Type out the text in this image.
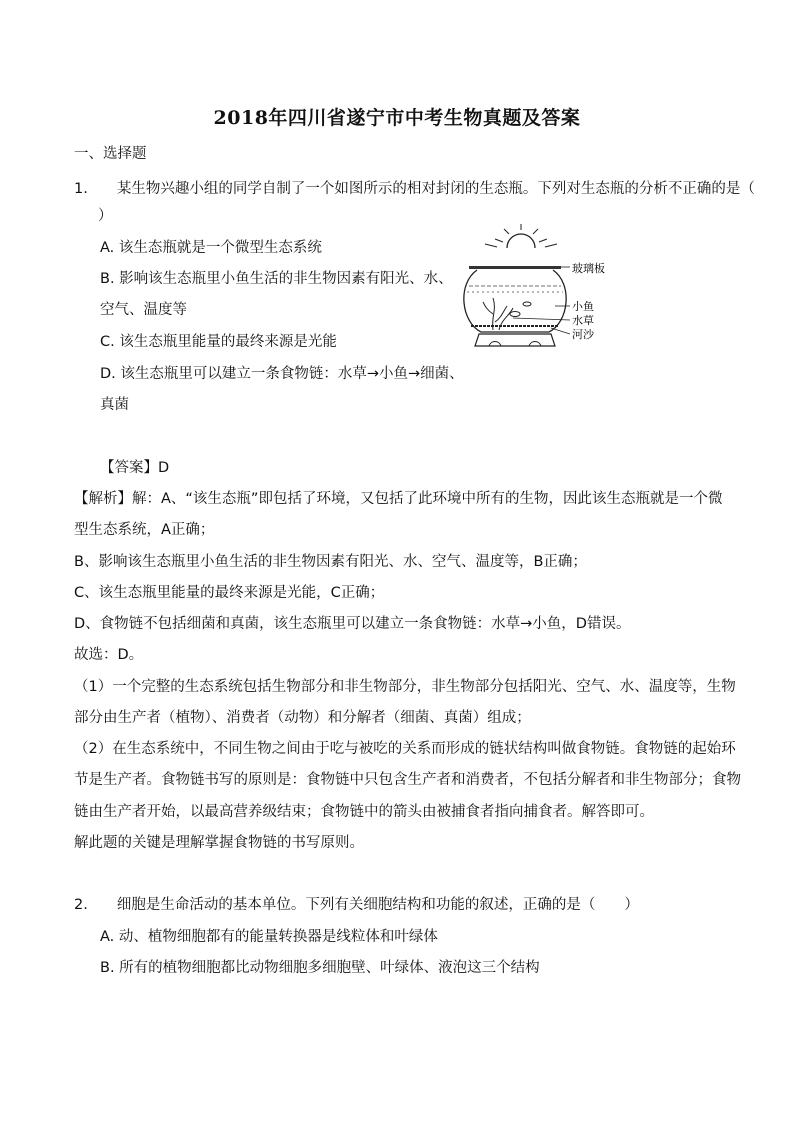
2018年四川省遂宁市中考生物真题及答案
一、选择题
1.　　某生物兴趣小组的同学自制了一个如图所示的相对封闭的生态瓶。下列对生态瓶的分析不正确的是（
）
A. 该生态瓶就是一个微型生态系统
B. 影响该生态瓶里小鱼生活的非生物因素有阳光、水、
空气、温度等
C. 该生态瓶里能量的最终来源是光能
D. 该生态瓶里可以建立一条食物链：水草→小鱼→细菌、
真菌
玻璃板
小鱼
水草
河沙
【答案】D
【解析】解：A、“该生态瓶”即包括了环境，又包括了此环境中所有的生物，因此该生态瓶就是一个微
型生态系统，A正确；
B、影响该生态瓶里小鱼生活的非生物因素有阳光、水、空气、温度等，B正确；
C、该生态瓶里能量的最终来源是光能，C正确；
D、食物链不包括细菌和真菌，该生态瓶里可以建立一条食物链：水草→小鱼，D错误。
故选：D。
（1）一个完整的生态系统包括生物部分和非生物部分，非生物部分包括阳光、空气、水、温度等，生物
部分由生产者（植物）、消费者（动物）和分解者（细菌、真菌）组成；
（2）在生态系统中，不同生物之间由于吃与被吃的关系而形成的链状结构叫做食物链。食物链的起始环
节是生产者。食物链书写的原则是：食物链中只包含生产者和消费者，不包括分解者和非生物部分；食物
链由生产者开始，以最高营养级结束；食物链中的箭头由被捕食者指向捕食者。解答即可。
解此题的关键是理解掌握食物链的书写原则。
2.　　细胞是生命活动的基本单位。下列有关细胞结构和功能的叙述，正确的是（　　）
A. 动、植物细胞都有的能量转换器是线粒体和叶绿体
B. 所有的植物细胞都比动物细胞多细胞壁、叶绿体、液泡这三个结构
